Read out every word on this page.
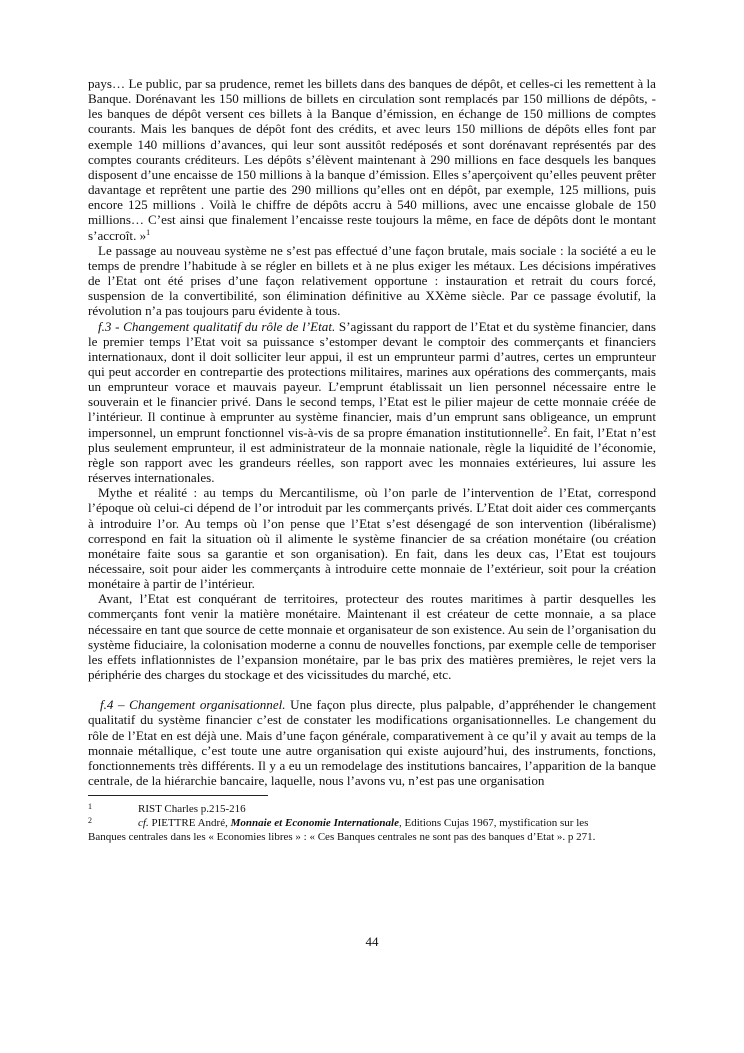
pays… Le public, par sa prudence, remet les billets dans des banques de dépôt, et celles-ci les remettent à la Banque. Dorénavant les 150 millions de billets en circulation sont remplacés par 150 millions de dépôts, - les banques de dépôt versent ces billets à la Banque d’émission, en échange de 150 millions de comptes courants. Mais les banques de dépôt font des crédits, et avec leurs 150 millions de dépôts elles font par exemple 140 millions d’avances, qui leur sont aussitôt redéposés et sont dorénavant représentés par des comptes courants créditeurs. Les dépôts s’élèvent maintenant à 290 millions en face desquels les banques disposent d’une encaisse de 150 millions à la banque d’émission. Elles s’aperçoivent qu’elles peuvent prêter davantage et reprêtent une partie des 290 millions qu’elles ont en dépôt, par exemple, 125 millions, puis encore 125 millions . Voilà le chiffre de dépôts accru à 540 millions, avec une encaisse globale de 150 millions… C’est ainsi que finalement l’encaisse reste toujours la même, en face de dépôts dont le montant s’accroît. »$^1$

Le passage au nouveau système ne s’est pas effectué d’une façon brutale, mais sociale : la société a eu le temps de prendre l’habitude à se régler en billets et à ne plus exiger les métaux. Les décisions impératives de l’Etat ont été prises d’une façon relativement opportune : instauration et retrait du cours forcé, suspension de la convertibilité, son élimination définitive au XXème siècle. Par ce passage évolutif, la révolution n’a pas toujours paru évidente à tous.

f.3 - Changement qualitatif du rôle de l’Etat. S’agissant du rapport de l’Etat et du système financier, dans le premier temps l’Etat voit sa puissance s’estomper devant le comptoir des commerçants et financiers internationaux, dont il doit solliciter leur appui, il est un emprunteur parmi d’autres, certes un emprunteur qui peut accorder en contrepartie des protections militaires, marines aux opérations des commerçants, mais un emprunteur vorace et mauvais payeur. L’emprunt établissait un lien personnel nécessaire entre le souverain et le financier privé. Dans le second temps, l’Etat est le pilier majeur de cette monnaie créée de l’intérieur. Il continue à emprunter au système financier, mais d’un emprunt sans obligeance, un emprunt impersonnel, un emprunt fonctionnel vis-à-vis de sa propre émanation institutionnelle$^2$. En fait, l’Etat n’est plus seulement emprunteur, il est administrateur de la monnaie nationale, règle la liquidité de l’économie, règle son rapport avec les grandeurs réelles, son rapport avec les monnaies extérieures, lui assure les réserves internationales.

Mythe et réalité : au temps du Mercantilisme, où l’on parle de l’intervention de l’Etat, correspond l’époque où celui-ci dépend de l’or introduit par les commerçants privés. L’Etat doit aider ces commerçants à introduire l’or. Au temps où l’on pense que l’Etat s’est désengagé de son intervention (libéralisme) correspond en fait la situation où il alimente le système financier de sa création monétaire (ou création monétaire faite sous sa garantie et son organisation). En fait, dans les deux cas, l’Etat est toujours nécessaire, soit pour aider les commerçants à introduire cette monnaie de l’extérieur, soit pour la création monétaire à partir de l’intérieur.

Avant, l’Etat est conquérant de territoires, protecteur des routes maritimes à partir desquelles les commerçants font venir la matière monétaire. Maintenant il est créateur de cette monnaie, a sa place nécessaire en tant que source de cette monnaie et organisateur de son existence. Au sein de l’organisation du système fiduciaire, la colonisation moderne a connu de nouvelles fonctions, par exemple celle de temporiser les effets inflationnistes de l’expansion monétaire, par le bas prix des matières premières, le rejet vers la périphérie des charges du stockage et des vicissitudes du marché, etc.

f.4 – Changement organisationnel. Une façon plus directe, plus palpable, d’appréhender le changement qualitatif du système financier c’est de constater les modifications organisationnelles. Le changement du rôle de l’Etat en est déjà une. Mais d’une façon générale, comparativement à ce qu’il y avait au temps de la monnaie métallique, c’est toute une autre organisation qui existe aujourd’hui, des instruments, fonctions, fonctionnements très différents. Il y a eu un remodelage des institutions bancaires, l’apparition de la banque centrale, de la hiérarchie bancaire, laquelle, nous l’avons vu, n’est pas une organisation

1	RIST Charles p.215-216
2	cf. PIETTRE André, Monnaie et Economie Internationale, Editions Cujas 1967, mystification sur les
Banques centrales dans les « Economies libres » : « Ces Banques centrales ne sont pas des banques d’Etat ». p 271.
44
